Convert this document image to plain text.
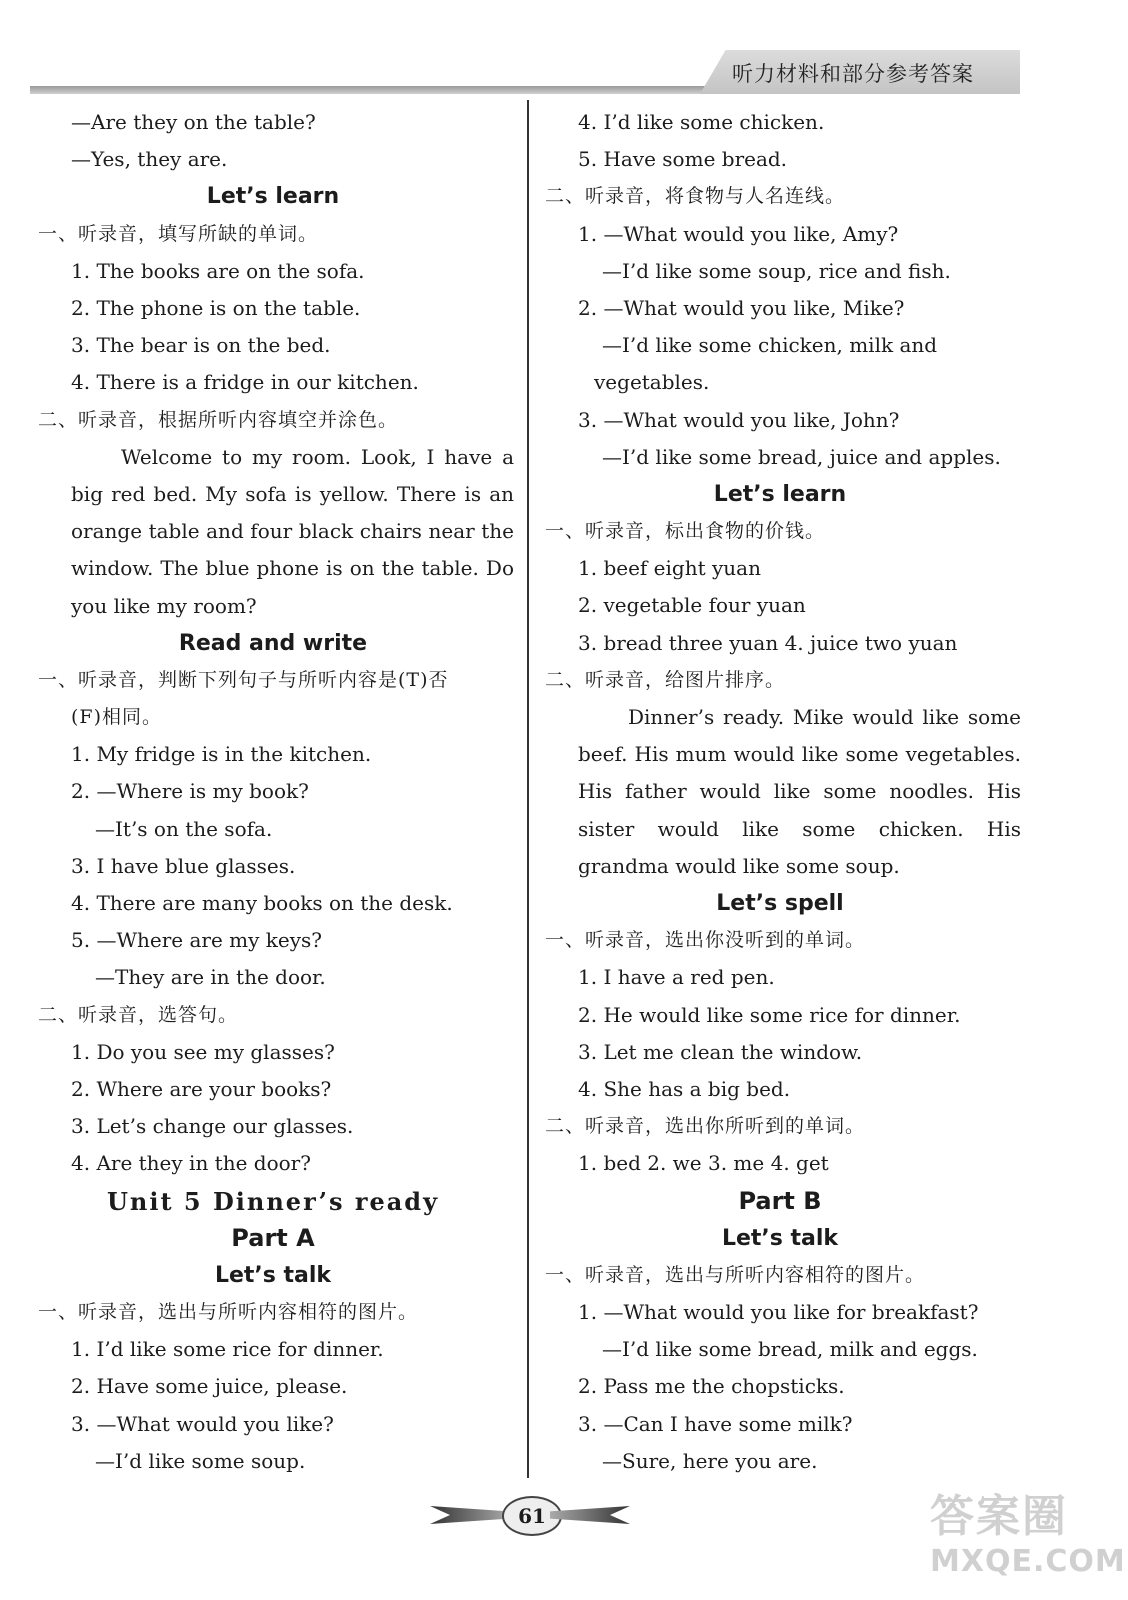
听力材料和部分参考答案
—Are they on the table?
—Yes, they are.
Let’s learn
一、听录音，填写所缺的单词。
1. The books are on the sofa.
2. The phone is on the table.
3. The bear is on the bed.
4. There is a fridge in our kitchen.
二、听录音，根据所听内容填空并涂色。
Welcome to my room. Look, I have a big red bed. My sofa is yellow. There is an orange table and four black chairs near the window. The blue phone is on the table. Do you like my room?
Read and write
一、听录音，判断下列句子与所听内容是(T)否
(F)相同。
1. My fridge is in the kitchen.
2. —Where is my book?
—It’s on the sofa.
3. I have blue glasses.
4. There are many books on the desk.
5. —Where are my keys?
—They are in the door.
二、听录音，选答句。
1. Do you see my glasses?
2. Where are your books?
3. Let’s change our glasses.
4. Are they in the door?
Unit 5 Dinner’s ready
Part A
Let’s talk
一、听录音，选出与所听内容相符的图片。
1. I’d like some rice for dinner.
2. Have some juice, please.
3. —What would you like?
—I’d like some soup.
4. I’d like some chicken.
5. Have some bread.
二、听录音，将食物与人名连线。
1. —What would you like, Amy?
—I’d like some soup, rice and fish.
2. —What would you like, Mike?
—I’d like some chicken, milk and
vegetables.
3. —What would you like, John?
—I’d like some bread, juice and apples.
Let’s learn
一、听录音，标出食物的价钱。
1. beef eight yuan
2. vegetable four yuan
3. bread three yuan 4. juice two yuan
二、听录音，给图片排序。
Dinner’s ready. Mike would like some beef. His mum would like some vegetables. His father would like some noodles. His sister would like some chicken. His grandma would like some soup.
Let’s spell
一、听录音，选出你没听到的单词。
1. I have a red pen.
2. He would like some rice for dinner.
3. Let me clean the window.
4. She has a big bed.
二、听录音，选出你所听到的单词。
1. bed 2. we 3. me 4. get
Part B
Let’s talk
一、听录音，选出与所听内容相符的图片。
1. —What would you like for breakfast?
—I’d like some bread, milk and eggs.
2. Pass me the chopsticks.
3. —Can I have some milk?
—Sure, here you are.
61	答案圈
MXQE.COM
